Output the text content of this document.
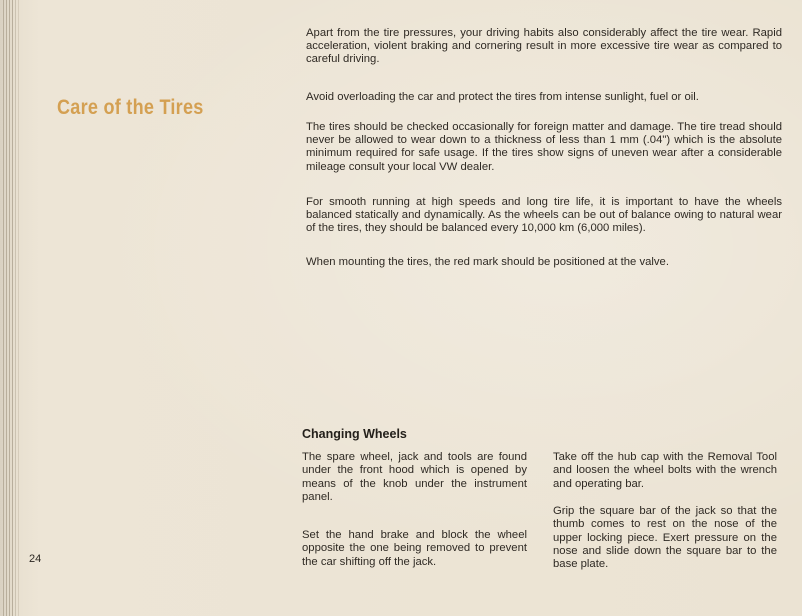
Care of the Tires

Apart from the tire pressures, your driving habits also considerably affect the tire wear. Rapid acceleration, violent braking and cornering result in more excessive tire wear as compared to careful driving.

Avoid overloading the car and protect the tires from intense sunlight, fuel or oil.

The tires should be checked occasionally for foreign matter and damage. The tire tread should never be allowed to wear down to a thickness of less than 1 mm (.04") which is the absolute minimum required for safe usage. If the tires show signs of uneven wear after a considerable mileage consult your local VW dealer.

For smooth running at high speeds and long tire life, it is important to have the wheels balanced statically and dynamically. As the wheels can be out of balance owing to natural wear of the tires, they should be balanced every 10,000 km (6,000 miles).

When mounting the tires, the red mark should be positioned at the valve.

Changing Wheels

The spare wheel, jack and tools are found under the front hood which is opened by means of the knob under the instrument panel.

Set the hand brake and block the wheel opposite the one being removed to prevent the car shifting off the jack.

Take off the hub cap with the Removal Tool and loosen the wheel bolts with the wrench and operating bar.

Grip the square bar of the jack so that the thumb comes to rest on the nose of the upper locking piece. Exert pressure on the nose and slide down the square bar to the base plate.

24
